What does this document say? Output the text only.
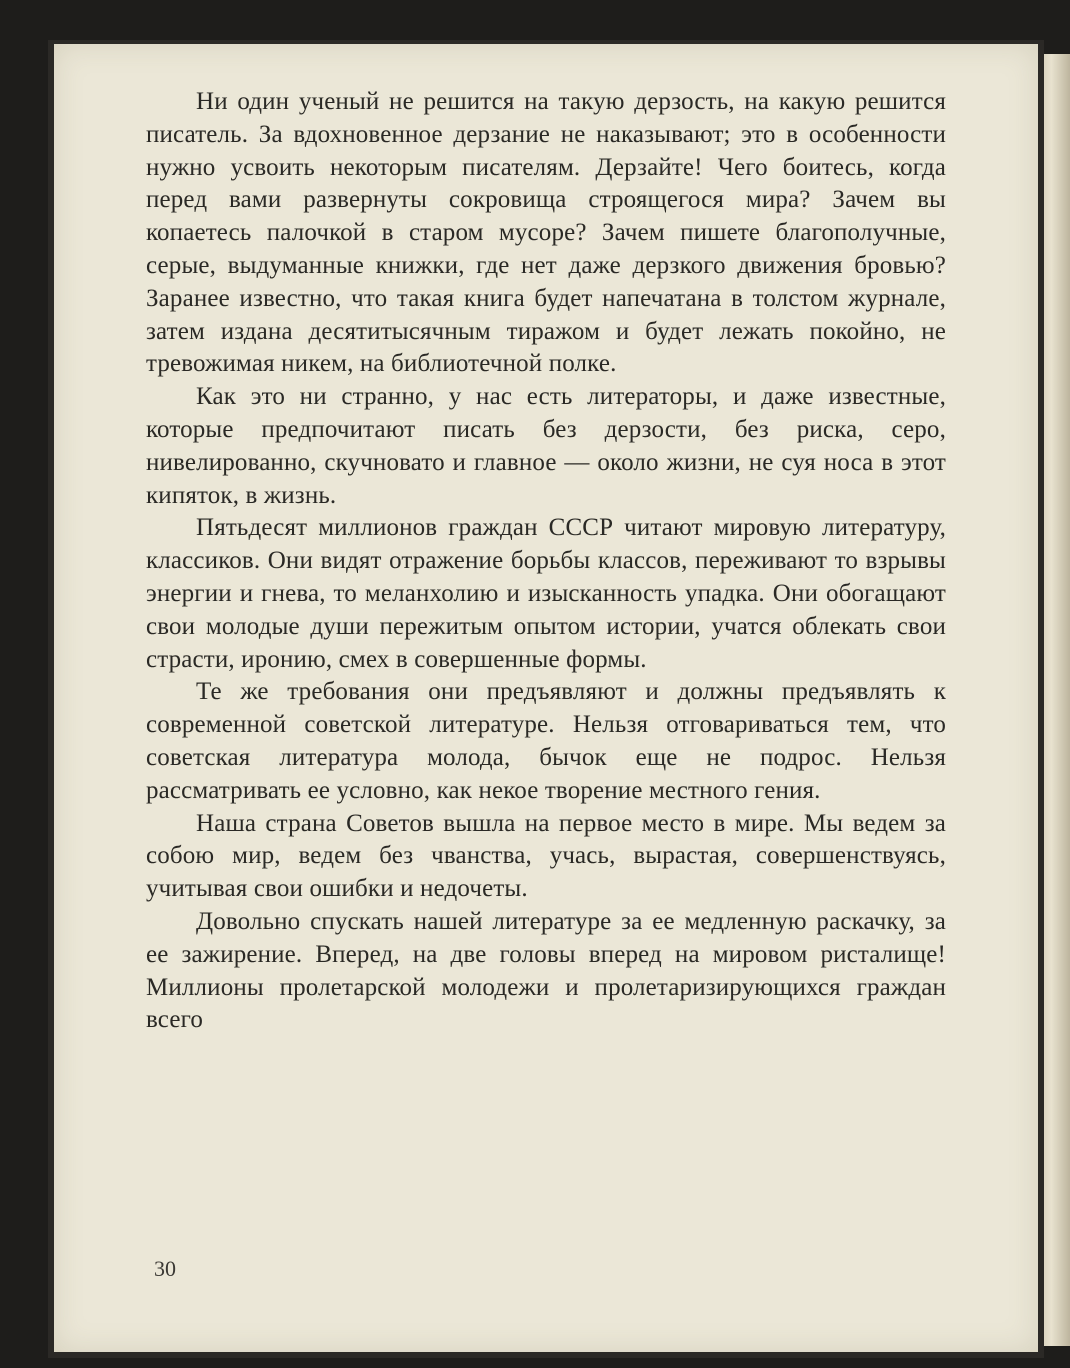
Ни один ученый не решится на такую дерзость, на какую решится писатель. За вдохновенное дерзание не наказывают; это в особенности нужно усвоить некоторым писателям. Дерзайте! Чего боитесь, когда перед вами развернуты сокровища строящегося мира? Зачем вы копаетесь палочкой в старом мусоре? Зачем пишете благополучные, серые, выдуманные книжки, где нет даже дерзкого движения бровью? Заранее известно, что такая книга будет напечатана в толстом журнале, затем издана десятитысячным тиражом и будет лежать покойно, не тревожимая никем, на библиотечной полке.

Как это ни странно, у нас есть литераторы, и даже известные, которые предпочитают писать без дерзости, без риска, серо, нивелированно, скучновато и главное — около жизни, не суя носа в этот кипяток, в жизнь.

Пятьдесят миллионов граждан СССР читают мировую литературу, классиков. Они видят отражение борьбы классов, переживают то взрывы энергии и гнева, то меланхолию и изысканность упадка. Они обогащают свои молодые души пережитым опытом истории, учатся облекать свои страсти, иронию, смех в совершенные формы.

Те же требования они предъявляют и должны предъявлять к современной советской литературе. Нельзя отговариваться тем, что советская литература молода, бычок еще не подрос. Нельзя рассматривать ее условно, как некое творение местного гения.

Наша страна Советов вышла на первое место в мире. Мы ведем за собою мир, ведем без чванства, учась, вырастая, совершенствуясь, учитывая свои ошибки и недочеты.

Довольно спускать нашей литературе за ее медленную раскачку, за ее зажирение. Вперед, на две головы вперед на мировом ристалище! Миллионы пролетарской молодежи и пролетаризирующихся граждан всего

30
